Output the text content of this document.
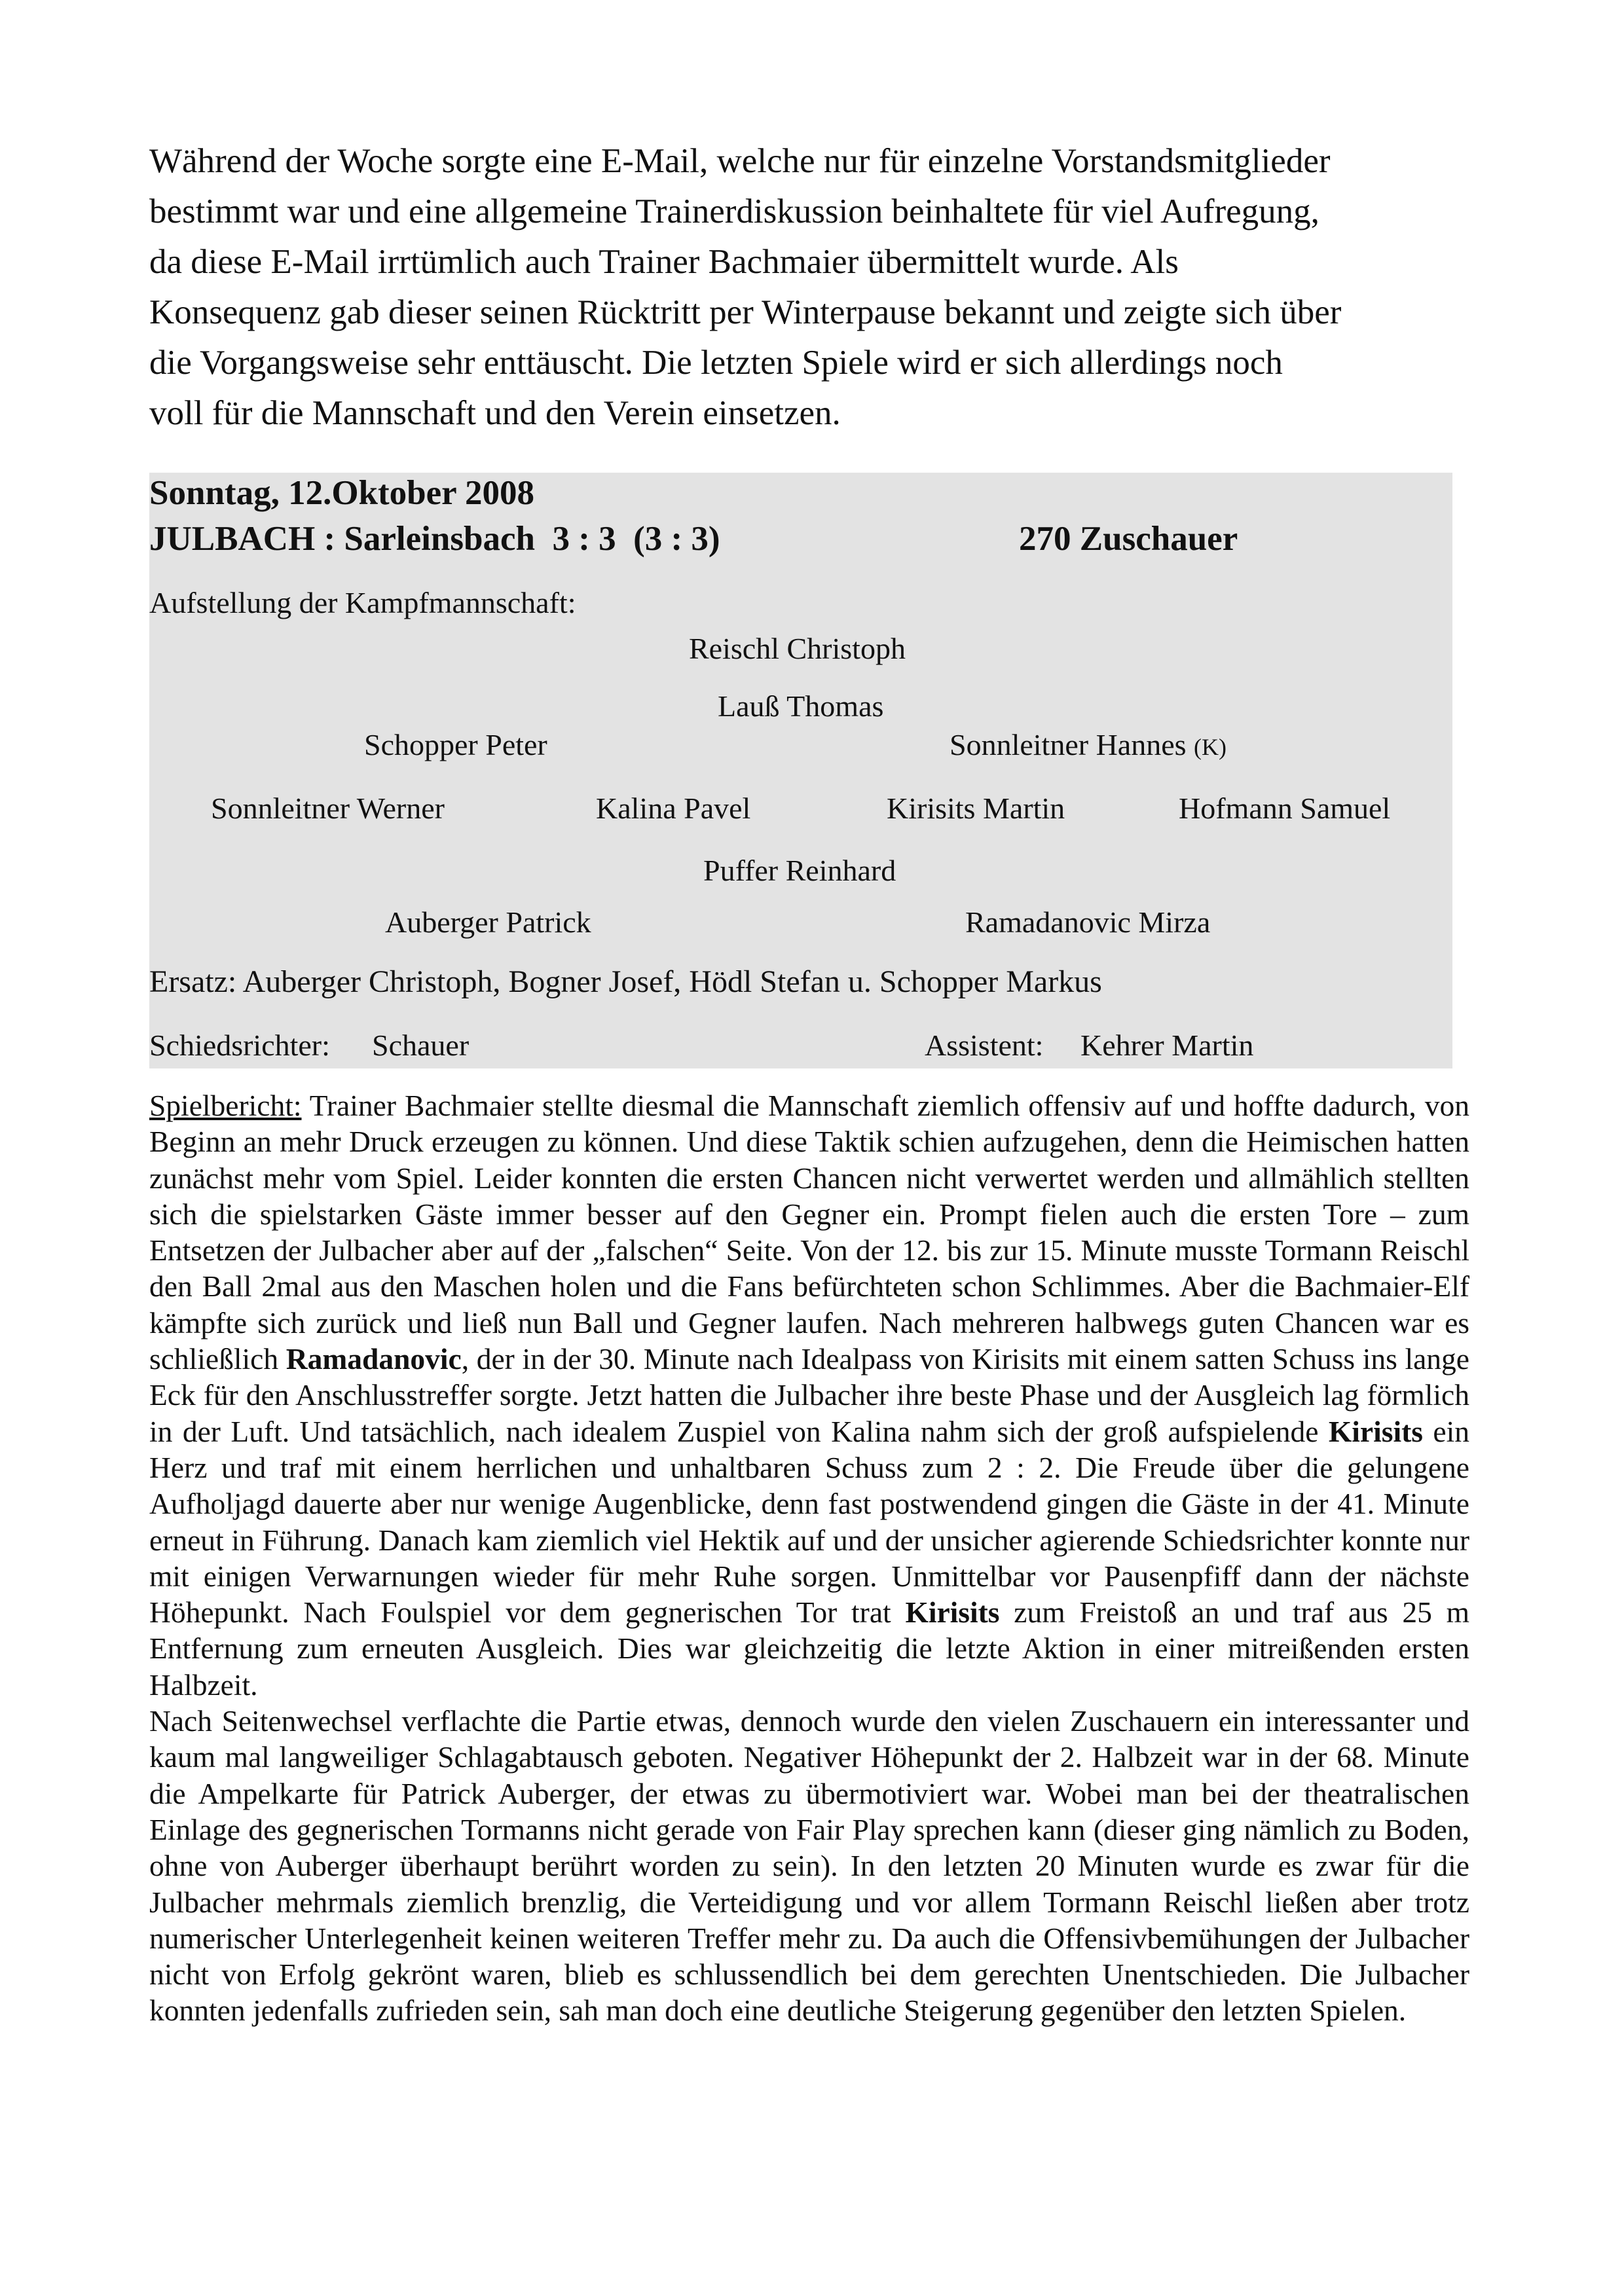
Während der Woche sorgte eine E-Mail, welche nur für einzelne Vorstandsmitglieder
bestimmt war und eine allgemeine Trainerdiskussion beinhaltete für viel Aufregung,
da diese E-Mail irrtümlich auch Trainer Bachmaier übermittelt wurde. Als
Konsequenz gab dieser seinen Rücktritt per Winterpause bekannt und zeigte sich über
die Vorgangsweise sehr enttäuscht. Die letzten Spiele wird er sich allerdings noch
voll für die Mannschaft und den Verein einsetzen.
Sonntag, 12.Oktober 2008
JULBACH : Sarleinsbach  3 : 3  (3 : 3)	270 Zuschauer
Aufstellung der Kampfmannschaft:
Reischl Christoph
Lauß Thomas
Schopper Peter	Sonnleitner Hannes (K)
Sonnleitner Werner	Kalina Pavel	Kirisits Martin	Hofmann Samuel
Puffer Reinhard
Auberger Patrick	Ramadanovic Mirza
Ersatz: Auberger Christoph, Bogner Josef, Hödl Stefan u. Schopper Markus
Schiedsrichter: Schauer	Assistent: Kehrer Martin
Spielbericht: Trainer Bachmaier stellte diesmal die Mannschaft ziemlich offensiv auf und hoffte dadurch, von Beginn an mehr Druck erzeugen zu können. Und diese Taktik schien aufzugehen, denn die Heimischen hatten zunächst mehr vom Spiel. Leider konnten die ersten Chancen nicht verwertet werden und allmählich stellten sich die spielstarken Gäste immer besser auf den Gegner ein. Prompt fielen auch die ersten Tore – zum Entsetzen der Julbacher aber auf der „falschen“ Seite. Von der 12. bis zur 15. Minute musste Tormann Reischl den Ball 2mal aus den Maschen holen und die Fans befürchteten schon Schlimmes. Aber die Bachmaier-Elf kämpfte sich zurück und ließ nun Ball und Gegner laufen. Nach mehreren halbwegs guten Chancen war es schließlich Ramadanovic, der in der 30. Minute nach Idealpass von Kirisits mit einem satten Schuss ins lange Eck für den Anschlusstreffer sorgte. Jetzt hatten die Julbacher ihre beste Phase und der Ausgleich lag förmlich in der Luft. Und tatsächlich, nach idealem Zuspiel von Kalina nahm sich der groß aufspielende Kirisits ein Herz und traf mit einem herrlichen und unhaltbaren Schuss zum 2 : 2. Die Freude über die gelungene Aufholjagd dauerte aber nur wenige Augenblicke, denn fast postwendend gingen die Gäste in der 41. Minute erneut in Führung. Danach kam ziemlich viel Hektik auf und der unsicher agierende Schiedsrichter konnte nur mit einigen Verwarnungen wieder für mehr Ruhe sorgen. Unmittelbar vor Pausenpfiff dann der nächste Höhepunkt. Nach Foulspiel vor dem gegnerischen Tor trat Kirisits zum Freistoß an und traf aus 25 m Entfernung zum erneuten Ausgleich. Dies war gleichzeitig die letzte Aktion in einer mitreißenden ersten Halbzeit.
Nach Seitenwechsel verflachte die Partie etwas, dennoch wurde den vielen Zuschauern ein interessanter und kaum mal langweiliger Schlagabtausch geboten. Negativer Höhepunkt der 2. Halbzeit war in der 68. Minute die Ampelkarte für Patrick Auberger, der etwas zu übermotiviert war. Wobei man bei der theatralischen Einlage des gegnerischen Tormanns nicht gerade von Fair Play sprechen kann (dieser ging nämlich zu Boden, ohne von Auberger überhaupt berührt worden zu sein). In den letzten 20 Minuten wurde es zwar für die Julbacher mehrmals ziemlich brenzlig, die Verteidigung und vor allem Tormann Reischl ließen aber trotz numerischer Unterlegenheit keinen weiteren Treffer mehr zu. Da auch die Offensivbemühungen der Julbacher nicht von Erfolg gekrönt waren, blieb es schlussendlich bei dem gerechten Unentschieden. Die Julbacher konnten jedenfalls zufrieden sein, sah man doch eine deutliche Steigerung gegenüber den letzten Spielen.
